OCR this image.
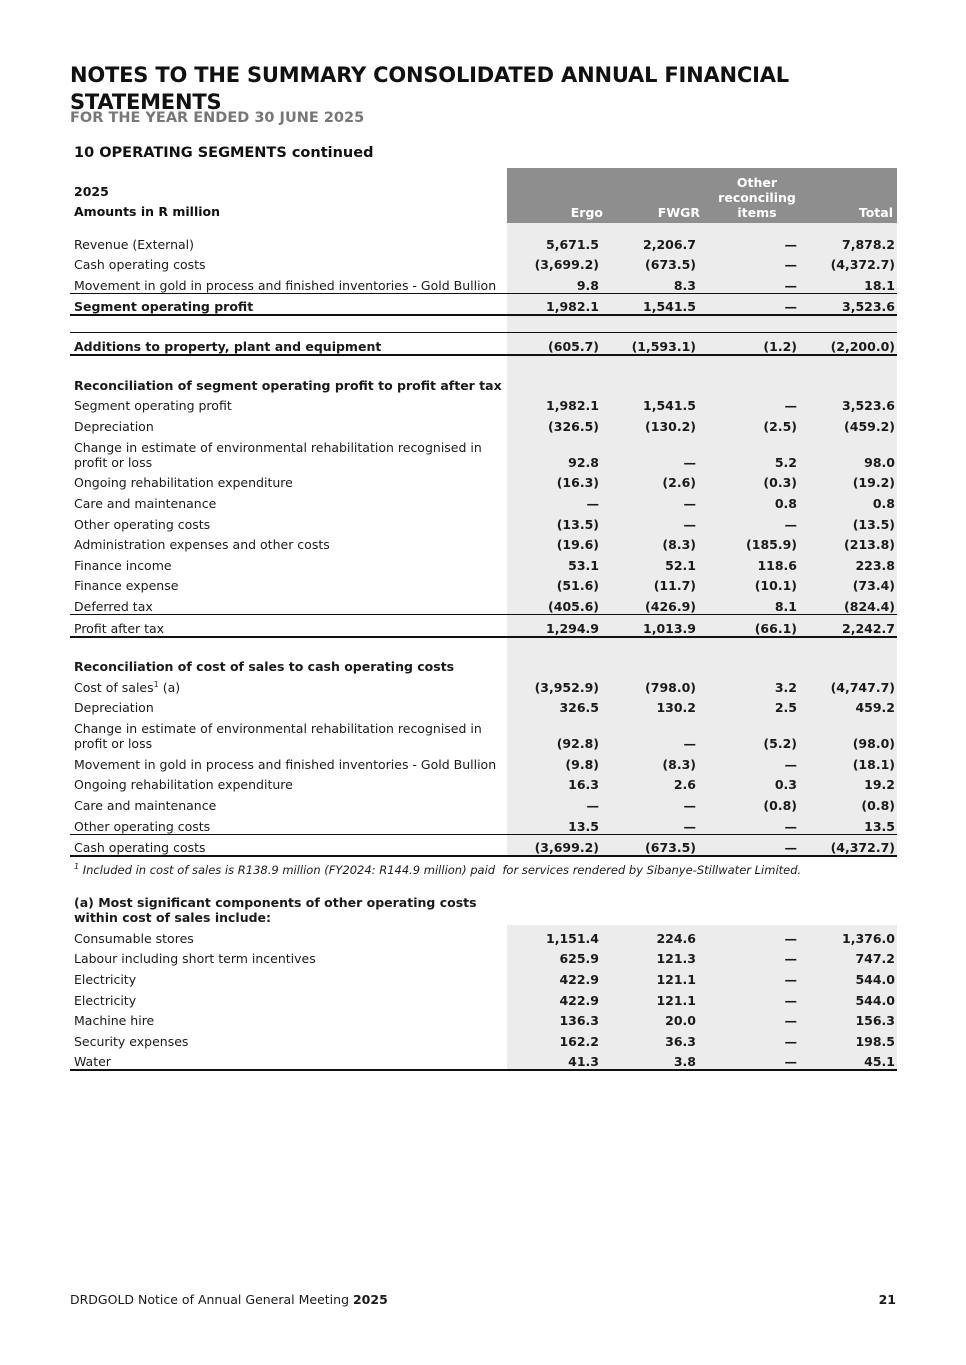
NOTES TO THE SUMMARY CONSOLIDATED ANNUAL FINANCIAL STATEMENTS
FOR THE YEAR ENDED 30 JUNE 2025
10 OPERATING SEGMENTS continued
2025
Amounts in R million	Ergo	FWGR	Other reconciling items	Total

Revenue (External)	5,671.5	2,206.7	—	7,878.2
Cash operating costs	(3,699.2)	(673.5)	—	(4,372.7)
Movement in gold in process and finished inventories - Gold Bullion	9.8	8.3	—	18.1
Segment operating profit	1,982.1	1,541.5	—	3,523.6

Additions to property, plant and equipment	(605.7)	(1,593.1)	(1.2)	(2,200.0)

Reconciliation of segment operating profit to profit after tax				
Segment operating profit	1,982.1	1,541.5	—	3,523.6
Depreciation	(326.5)	(130.2)	(2.5)	(459.2)
Change in estimate of environmental rehabilitation recognised in profit or loss	92.8	—	5.2	98.0
Ongoing rehabilitation expenditure	(16.3)	(2.6)	(0.3)	(19.2)
Care and maintenance	—	—	0.8	0.8
Other operating costs	(13.5)	—	—	(13.5)
Administration expenses and other costs	(19.6)	(8.3)	(185.9)	(213.8)
Finance income	53.1	52.1	118.6	223.8
Finance expense	(51.6)	(11.7)	(10.1)	(73.4)
Deferred tax	(405.6)	(426.9)	8.1	(824.4)
Profit after tax	1,294.9	1,013.9	(66.1)	2,242.7

Reconciliation of cost of sales to cash operating costs				
Cost of sales$^1$ (a)	(3,952.9)	(798.0)	3.2	(4,747.7)
Depreciation	326.5	130.2	2.5	459.2
Change in estimate of environmental rehabilitation recognised in profit or loss	(92.8)	—	(5.2)	(98.0)
Movement in gold in process and finished inventories - Gold Bullion	(9.8)	(8.3)	—	(18.1)
Ongoing rehabilitation expenditure	16.3	2.6	0.3	19.2
Care and maintenance	—	—	(0.8)	(0.8)
Other operating costs	13.5	—	—	13.5
Cash operating costs	(3,699.2)	(673.5)	—	(4,372.7)
$^1$ Included in cost of sales is R138.9 million (FY2024: R144.9 million) paid  for services rendered by Sibanye-Stillwater Limited.				

(a) Most significant components of other operating costs within cost of sales include:				
Consumable stores	1,151.4	224.6	—	1,376.0
Labour including short term incentives	625.9	121.3	—	747.2
Electricity	422.9	121.1	—	544.0
Electricity	422.9	121.1	—	544.0
Machine hire	136.3	20.0	—	156.3
Security expenses	162.2	36.3	—	198.5
Water	41.3	3.8	—	45.1
DRDGOLD Notice of Annual General Meeting 2025	21
